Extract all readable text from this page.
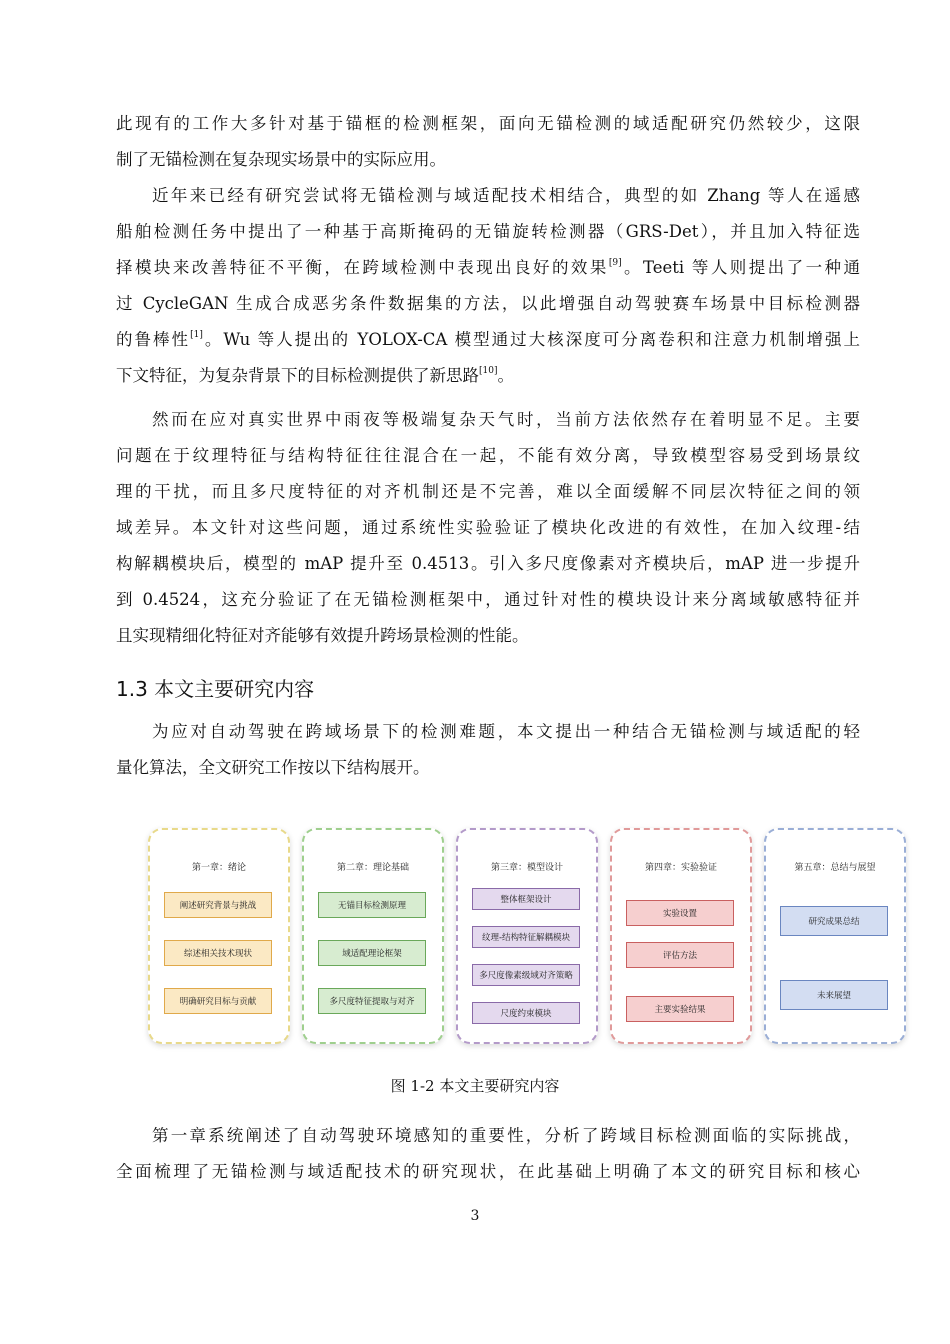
此现有的工作大多针对基于锚框的检测框架，面向无锚检测的域适配研究仍然较少，这限
制了无锚检测在复杂现实场景中的实际应用。
近年来已经有研究尝试将无锚检测与域适配技术相结合，典型的如 Zhang 等人在遥感
船舶检测任务中提出了一种基于高斯掩码的无锚旋转检测器（GRS-Det），并且加入特征选
择模块来改善特征不平衡，在跨域检测中表现出良好的效果[9]。Teeti 等人则提出了一种通
过 CycleGAN 生成合成恶劣条件数据集的方法，以此增强自动驾驶赛车场景中目标检测器
的鲁棒性[1]。Wu 等人提出的 YOLOX-CA 模型通过大核深度可分离卷积和注意力机制增强上
下文特征，为复杂背景下的目标检测提供了新思路[10]。
然而在应对真实世界中雨夜等极端复杂天气时，当前方法依然存在着明显不足。主要
问题在于纹理特征与结构特征往往混合在一起，不能有效分离，导致模型容易受到场景纹
理的干扰，而且多尺度特征的对齐机制还是不完善，难以全面缓解不同层次特征之间的领
域差异。本文针对这些问题，通过系统性实验验证了模块化改进的有效性，在加入纹理-结
构解耦模块后，模型的 mAP 提升至 0.4513。引入多尺度像素对齐模块后，mAP 进一步提升
到 0.4524，这充分验证了在无锚检测框架中，通过针对性的模块设计来分离域敏感特征并
且实现精细化特征对齐能够有效提升跨场景检测的性能。
1.3 本文主要研究内容
为应对自动驾驶在跨域场景下的检测难题，本文提出一种结合无锚检测与域适配的轻
量化算法，全文研究工作按以下结构展开。
第一章：绪论
阐述研究背景与挑战
综述相关技术现状
明确研究目标与贡献
第二章：理论基础
无锚目标检测原理
域适配理论框架
多尺度特征提取与对齐
第三章：模型设计
整体框架设计
纹理-结构特征解耦模块
多尺度像素级域对齐策略
尺度约束模块
第四章：实验验证
实验设置
评估方法
主要实验结果
第五章：总结与展望
研究成果总结
未来展望
图 1-2 本文主要研究内容
第一章系统阐述了自动驾驶环境感知的重要性，分析了跨域目标检测面临的实际挑战，
全面梳理了无锚检测与域适配技术的研究现状，在此基础上明确了本文的研究目标和核心
3
